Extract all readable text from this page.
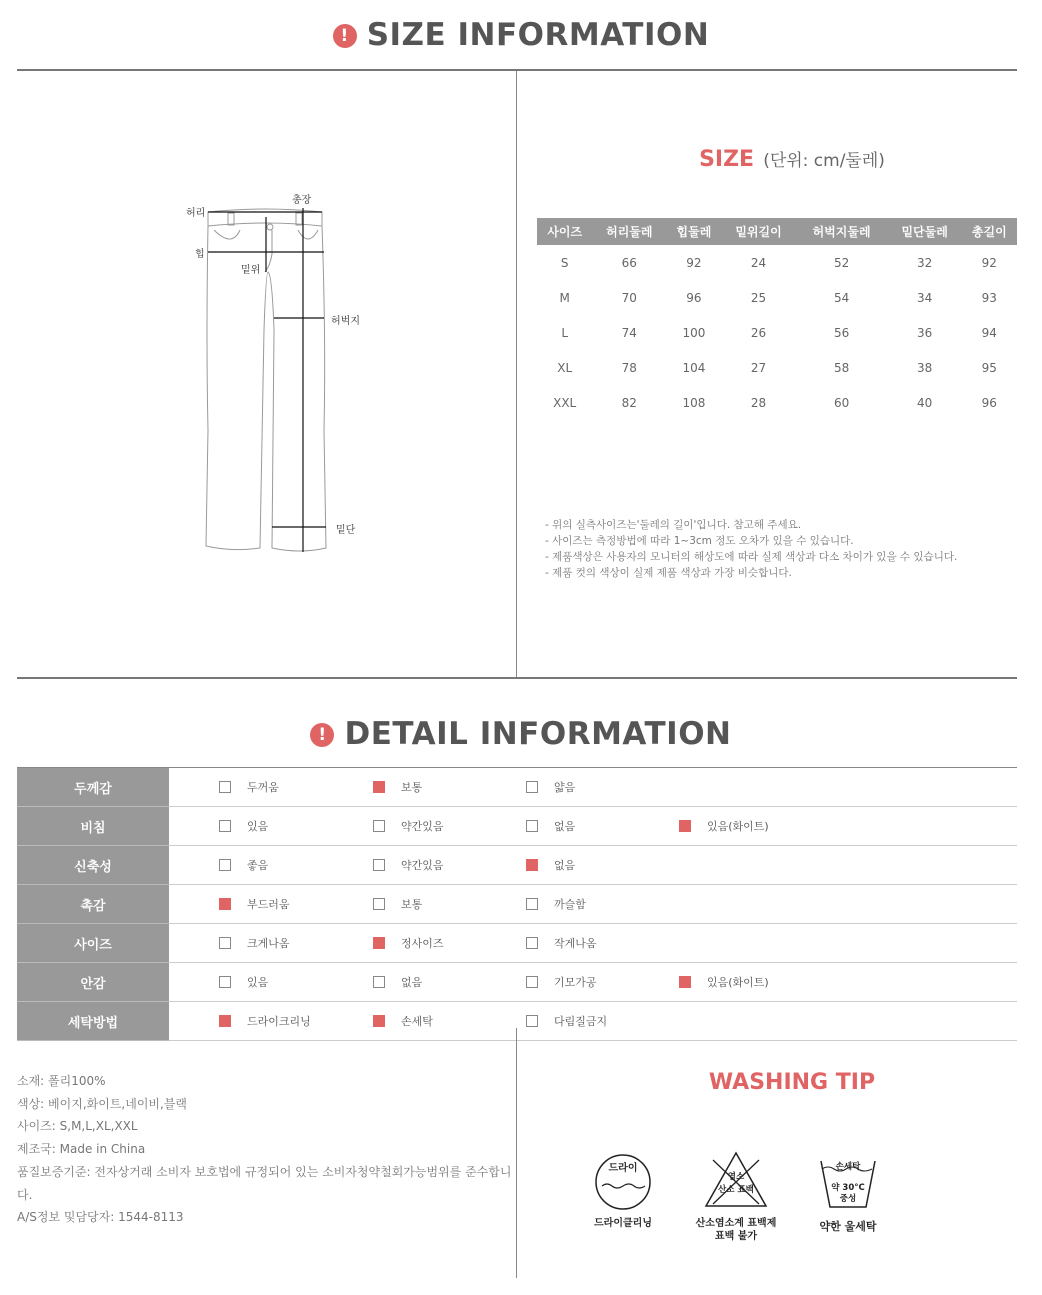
! SIZE INFORMATION
총장
허리
힙
밑위
허벅지
밑단
SIZE (단위: cm/둘레)
사이즈	허리둘레	힙둘레	밑위길이	허벅지둘레	밑단둘레	총길이
S	66	92	24	52	32	92
M	70	96	25	54	34	93
L	74	100	26	56	36	94
XL	78	104	27	58	38	95
XXL	82	108	28	60	40	96
- 위의 실측사이즈는'둘레의 길이'입니다. 참고해 주세요.
- 사이즈는 측정방법에 따라 1~3cm 정도 오차가 있을 수 있습니다.
- 제품색상은 사용자의 모니터의 해상도에 따라 실제 색상과 다소 차이가 있을 수 있습니다.
- 제품 컷의 색상이 실제 제품 색상과 가장 비슷합니다.
! DETAIL INFORMATION
두께감	두꺼움 보통 얇음

비침	있음 약간있음 없음 있음(화이트)

신축성	좋음 약간있음 없음

촉감	부드러움 보통 까슬함

사이즈	크게나옴 정사이즈 작게나옴

안감	있음 없음 기모가공 있음(화이트)

세탁방법	드라이크리닝 손세탁 다림질금지
소재: 폴리100%
색상: 베이지,화이트,네이비,블랙
사이즈: S,M,L,XL,XXL
제조국: Made in China
품질보증기준: 전자상거래 소비자 보호법에 규정되어 있는 소비자청약철회가능범위를 준수합니다.
A/S정보 및담당자: 1544-8113
WASHING TIP
드라이
드라이클리닝
염소
산소 표백
산소염소계 표백제
표백 불가
손세탁
약 30°C
중성
약한 울세탁
